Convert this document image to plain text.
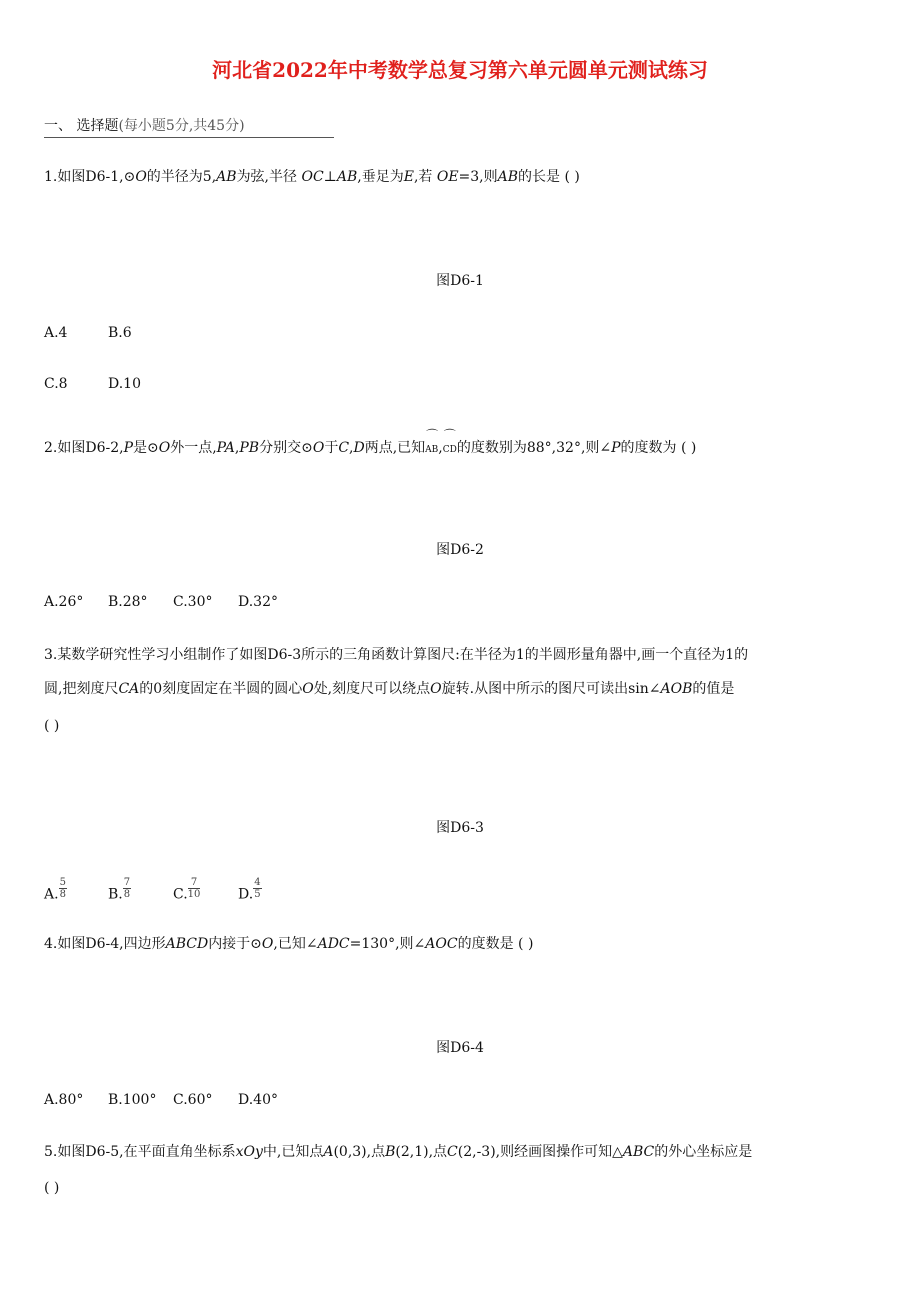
河北省2022年中考数学总复习第六单元圆单元测试练习
一、 选择题(每小题5分,共45分)
1.如图D6-1,⊙O的半径为5,AB为弦,半径 OC⊥AB,垂足为E,若 OE=3,则AB的长是 ( )
图D6-1
A.4	B.6
C.8	D.10
2.如图D6-2,P是⊙O外一点,PA,PB分别交⊙O于C,D两点,已知⌒ AB,⌒ CD的度数别为88°,32°,则∠P的度数为 ( )
图D6-2
A.26° B.28° C.30° D.32°
3.某数学研究性学习小组制作了如图D6-3所示的三角函数计算图尺:在半径为1的半圆形量角器中,画一个直径为1的
圆,把刻度尺CA的0刻度固定在半圆的圆心O处,刻度尺可以绕点O旋转.从图中所示的图尺可读出sin∠AOB的值是
( )
图D6-3
A. $\frac{5}{8}$	B. $\frac{7}{8}$	C. $\frac{7}{10}$	D. $\frac{4}{5}$
4.如图D6-4,四边形ABCD内接于⊙O,已知∠ADC=130°,则∠AOC的度数是 ( )
图D6-4
A.80° B.100° C.60° D.40°
5.如图D6-5,在平面直角坐标系xOy中,已知点A(0,3),点B(2,1),点C(2,-3),则经画图操作可知△ABC的外心坐标应是
( )
